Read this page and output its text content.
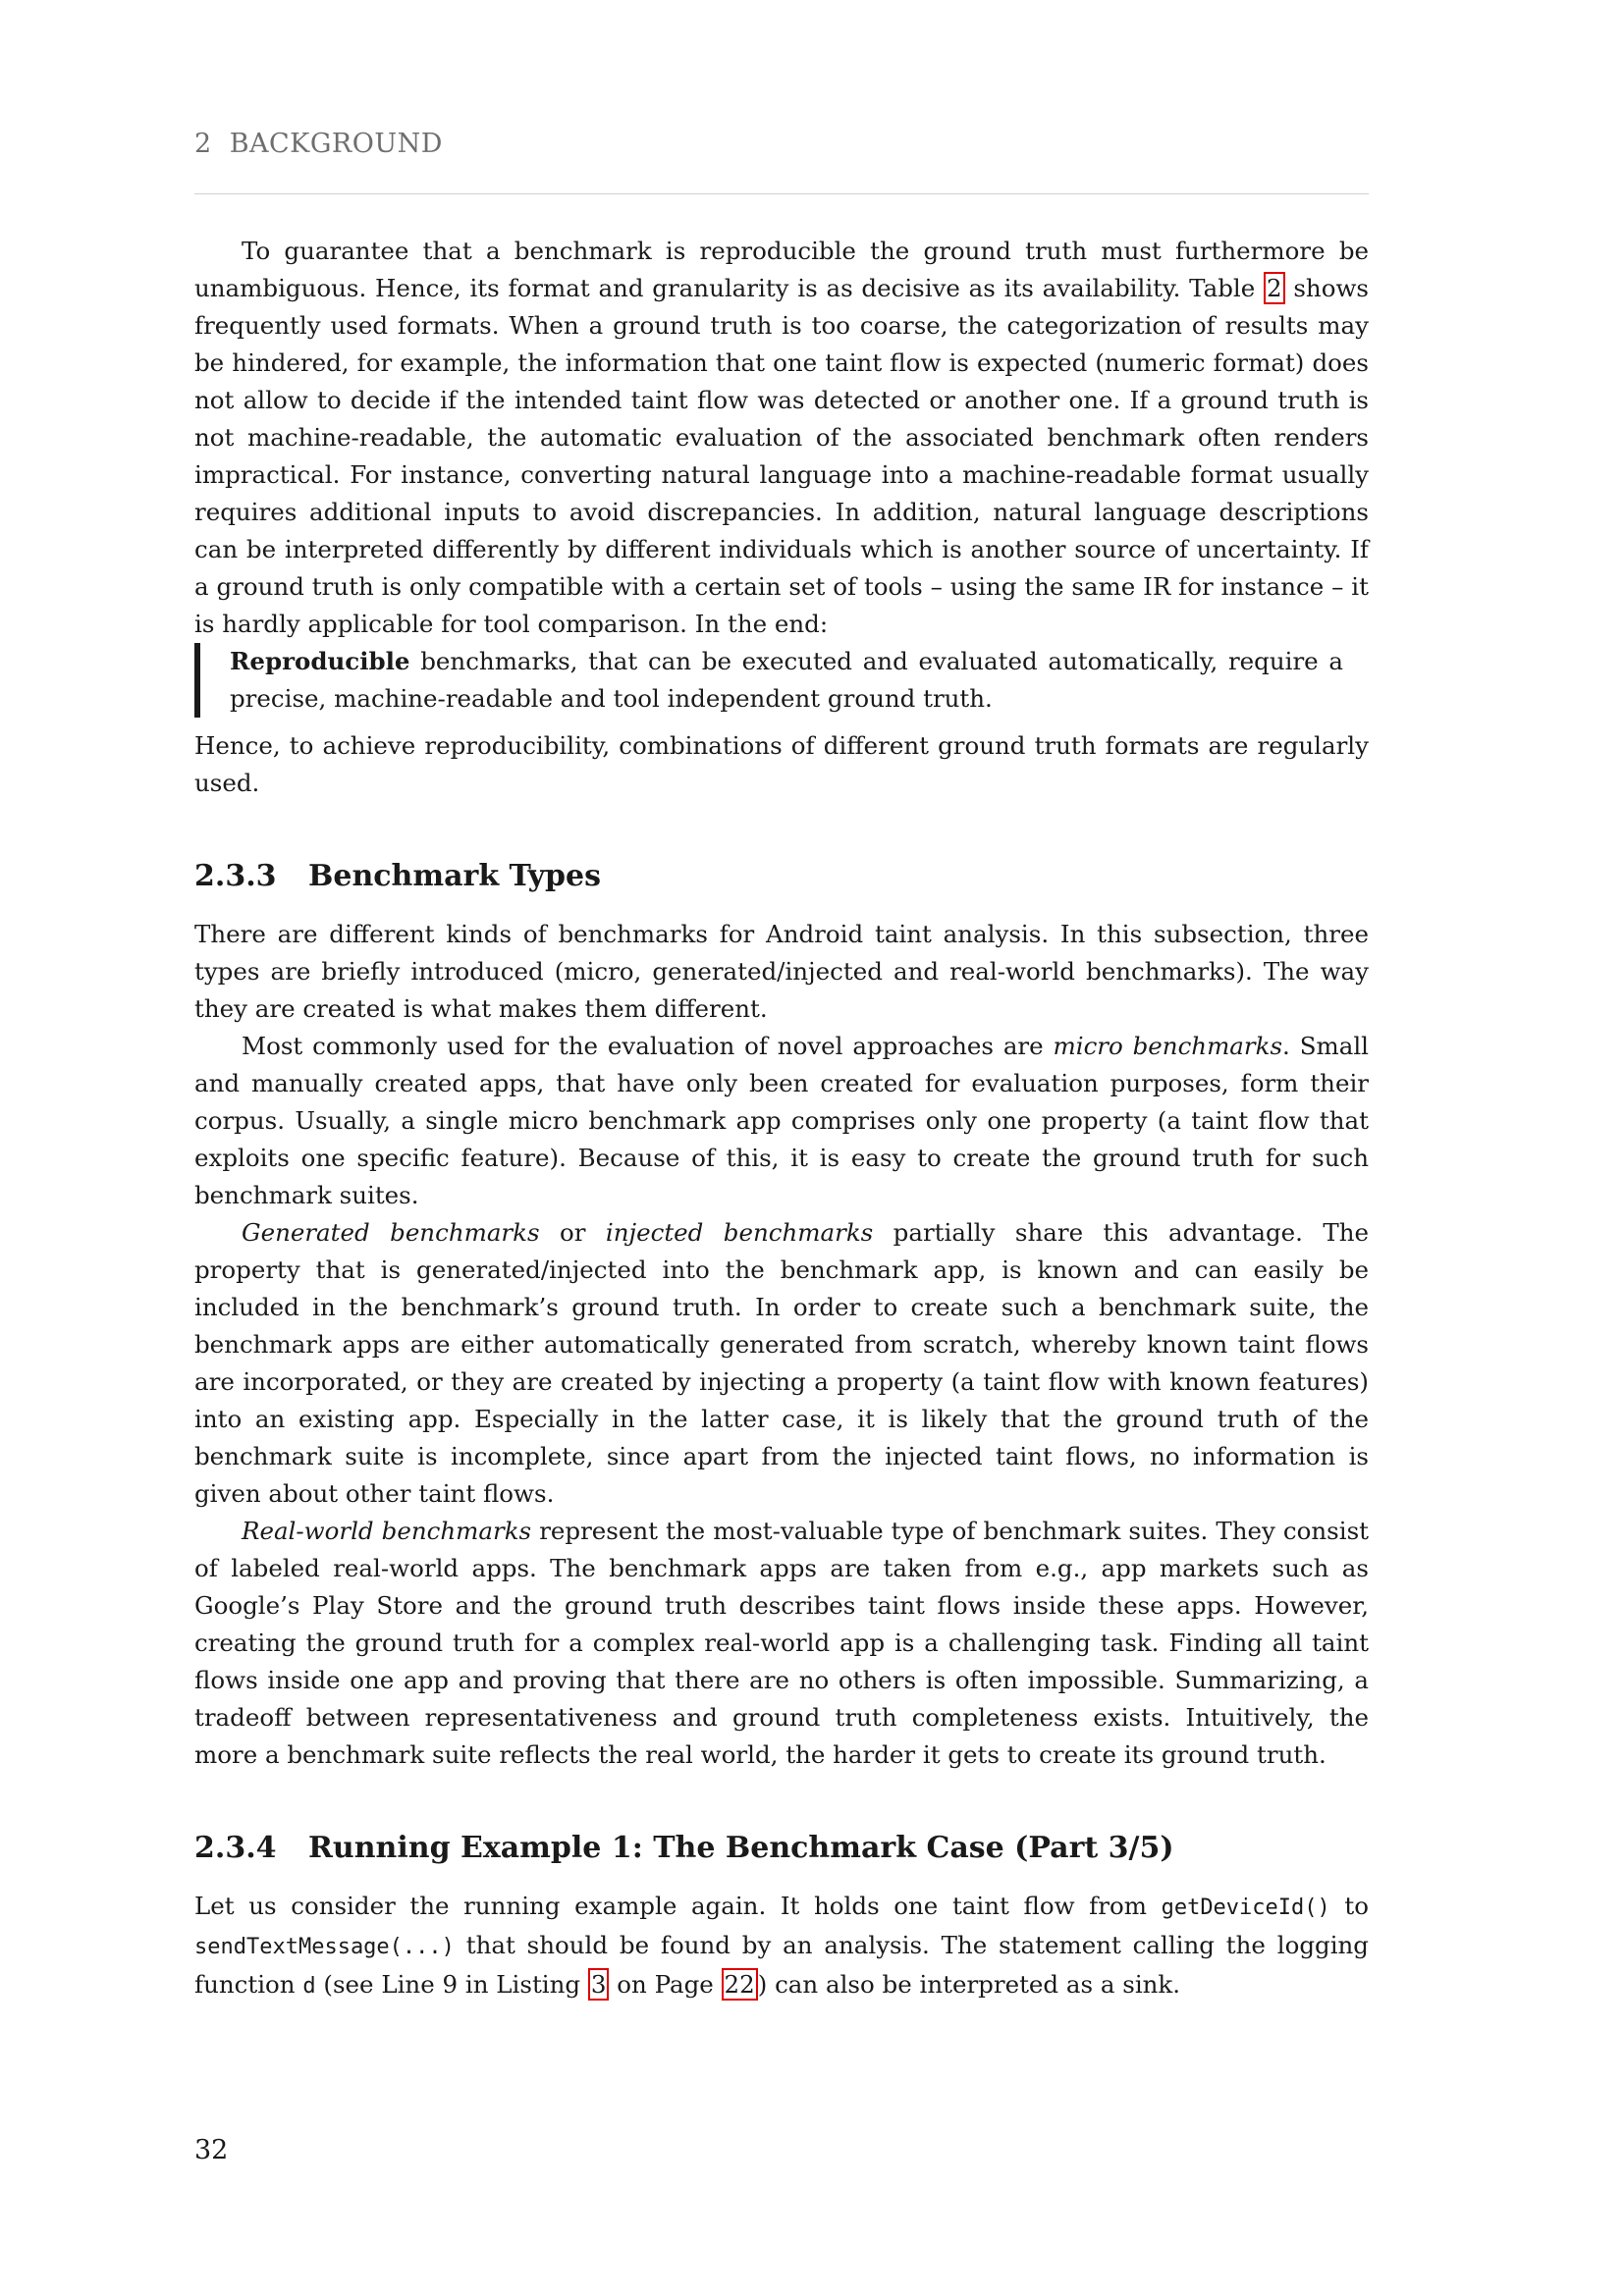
2 BACKGROUND

To guarantee that a benchmark is reproducible the ground truth must furthermore be unambiguous. Hence, its format and granularity is as decisive as its availability. Table 2 shows frequently used formats. When a ground truth is too coarse, the categorization of results may be hindered, for example, the information that one taint flow is expected (numeric format) does not allow to decide if the intended taint flow was detected or another one. If a ground truth is not machine-readable, the automatic evaluation of the associated benchmark often renders impractical. For instance, converting natural language into a machine-readable format usually requires additional inputs to avoid discrepancies. In addition, natural language descriptions can be interpreted differently by different individuals which is another source of uncertainty. If a ground truth is only compatible with a certain set of tools – using the same IR for instance – it is hardly applicable for tool comparison. In the end:

Reproducible benchmarks, that can be executed and evaluated automatically, require a precise, machine-readable and tool independent ground truth.

Hence, to achieve reproducibility, combinations of different ground truth formats are regularly used.

2.3.3 Benchmark Types

There are different kinds of benchmarks for Android taint analysis. In this subsection, three types are briefly introduced (micro, generated/injected and real-world benchmarks). The way they are created is what makes them different.

Most commonly used for the evaluation of novel approaches are micro benchmarks. Small and manually created apps, that have only been created for evaluation purposes, form their corpus. Usually, a single micro benchmark app comprises only one property (a taint flow that exploits one specific feature). Because of this, it is easy to create the ground truth for such benchmark suites.

Generated benchmarks or injected benchmarks partially share this advantage. The property that is generated/injected into the benchmark app, is known and can easily be included in the benchmark’s ground truth. In order to create such a benchmark suite, the benchmark apps are either automatically generated from scratch, whereby known taint flows are incorporated, or they are created by injecting a property (a taint flow with known features) into an existing app. Especially in the latter case, it is likely that the ground truth of the benchmark suite is incomplete, since apart from the injected taint flows, no information is given about other taint flows.

Real-world benchmarks represent the most-valuable type of benchmark suites. They consist of labeled real-world apps. The benchmark apps are taken from e.g., app markets such as Google’s Play Store and the ground truth describes taint flows inside these apps. However, creating the ground truth for a complex real-world app is a challenging task. Finding all taint flows inside one app and proving that there are no others is often impossible. Summarizing, a tradeoff between representativeness and ground truth completeness exists. Intuitively, the more a benchmark suite reflects the real world, the harder it gets to create its ground truth.

2.3.4 Running Example 1: The Benchmark Case (Part 3/5)

Let us consider the running example again. It holds one taint flow from getDeviceId() to sendTextMessage(...) that should be found by an analysis. The statement calling the logging function d (see Line 9 in Listing 3 on Page 22 ) can also be interpreted as a sink.

32
